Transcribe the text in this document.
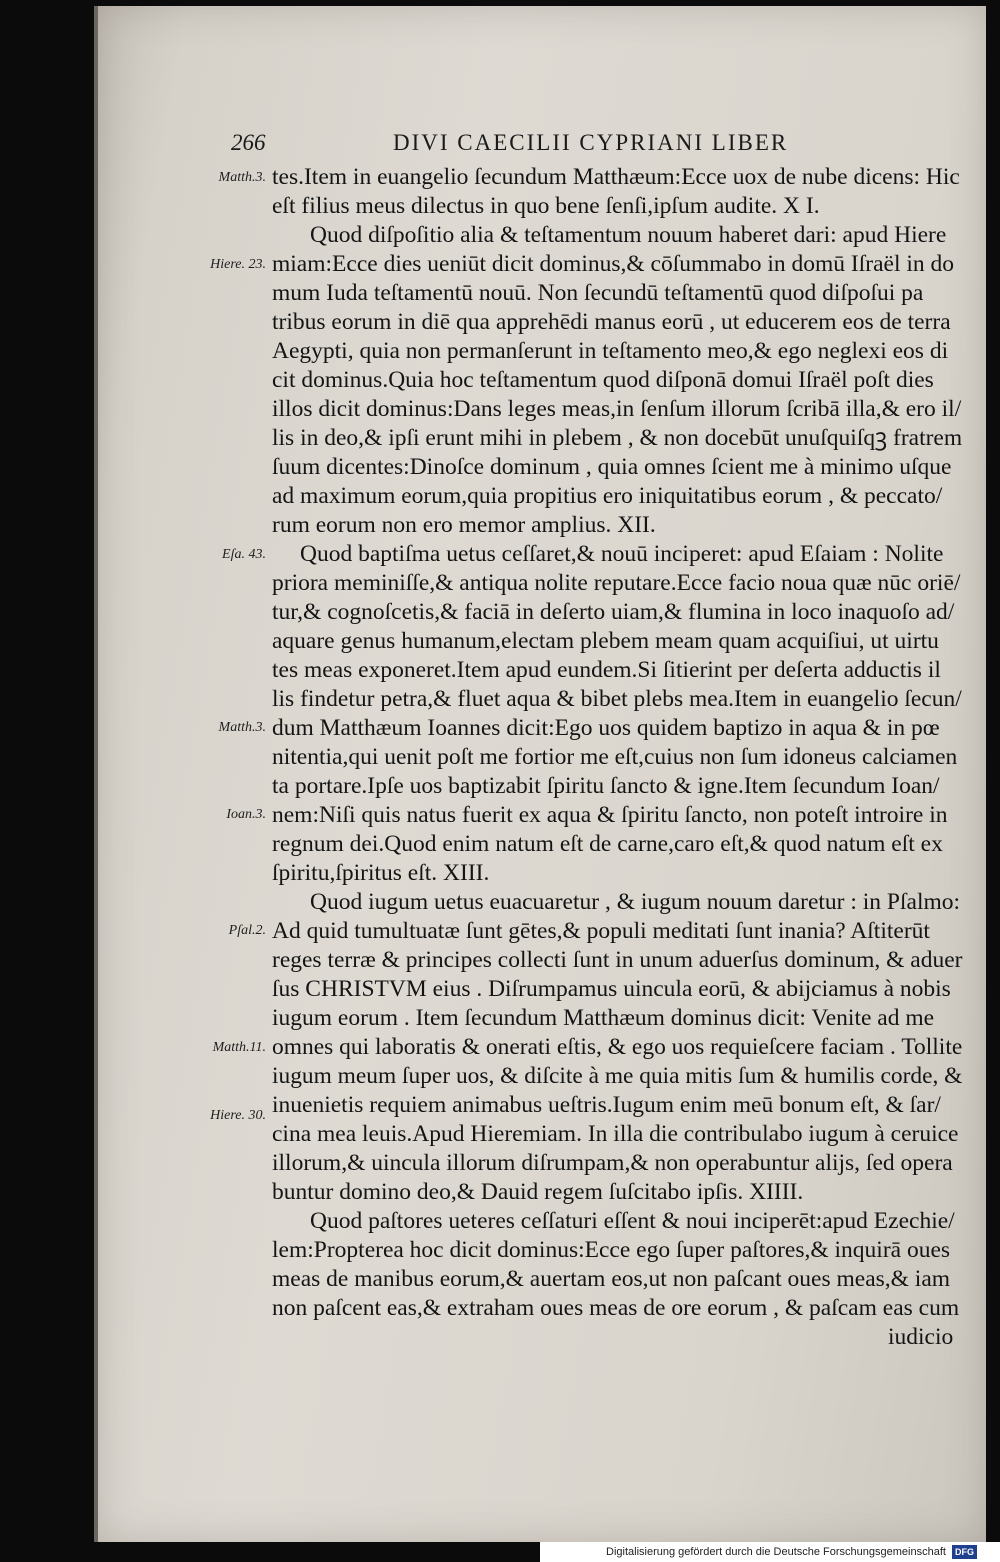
266	DIVI CAECILII CYPRIANI LIBER

tes.Item in euangelio ſecundum Matthæum:Ecce uox de nube dicens: Hic

eſt filius meus dilectus in quo bene ſenſi,ipſum audite. X I.

Quod diſpoſitio alia & teſtamentum nouum haberet dari: apud Hiere

miam:Ecce dies ueniūt dicit dominus,& cōſummabo in domū Iſraël in do

mum Iuda teſtamentū nouū. Non ſecundū teſtamentū quod diſpoſui pa

tribus eorum in diē qua apprehēdi manus eorū , ut educerem eos de terra

Aegypti, quia non permanſerunt in teſtamento meo,& ego neglexi eos di

cit dominus.Quia hoc teſtamentum quod diſponā domui Iſraël poſt dies

illos dicit dominus:Dans leges meas,in ſenſum illorum ſcribā illa,& ero il/

lis in deo,& ipſi erunt mihi in plebem , & non docebūt unuſquiſqꝫ fratrem

ſuum dicentes:Dinoſce dominum , quia omnes ſcient me à minimo uſque

ad maximum eorum,quia propitius ero iniquitatibus eorum , & peccato/

rum eorum non ero memor amplius. XII.

Quod baptiſma uetus ceſſaret,& nouū inciperet: apud Eſaiam : Nolite

priora meminiſſe,& antiqua nolite reputare.Ecce facio noua quæ nūc oriē/

tur,& cognoſcetis,& faciā in deſerto uiam,& flumina in loco inaquoſo ad/

aquare genus humanum,electam plebem meam quam acquiſiui, ut uirtu

tes meas exponeret.Item apud eundem.Si ſitierint per deſerta adductis il

lis findetur petra,& fluet aqua & bibet plebs mea.Item in euangelio ſecun/

dum Matthæum Ioannes dicit:Ego uos quidem baptizo in aqua & in pœ

nitentia,qui uenit poſt me fortior me eſt,cuius non ſum idoneus calciamen

ta portare.Ipſe uos baptizabit ſpiritu ſancto & igne.Item ſecundum Ioan/

nem:Niſi quis natus fuerit ex aqua & ſpiritu ſancto, non poteſt introire in

regnum dei.Quod enim natum eſt de carne,caro eſt,& quod natum eſt ex

ſpiritu,ſpiritus eſt. XIII.

Quod iugum uetus euacuaretur , & iugum nouum daretur : in Pſalmo:

Ad quid tumultuatæ ſunt gētes,& populi meditati ſunt inania? Aſtiterūt

reges terræ & principes collecti ſunt in unum aduerſus dominum, & aduer

ſus CHRISTVM eius . Diſrumpamus uincula eorū, & abijciamus à nobis

iugum eorum . Item ſecundum Matthæum dominus dicit: Venite ad me

omnes qui laboratis & onerati eſtis, & ego uos requieſcere faciam . Tollite

iugum meum ſuper uos, & diſcite à me quia mitis ſum & humilis corde, &

inuenietis requiem animabus ueſtris.Iugum enim meū bonum eſt, & ſar/

cina mea leuis.Apud Hieremiam. In illa die contribulabo iugum à ceruice

illorum,& uincula illorum diſrumpam,& non operabuntur alijs, ſed opera

buntur domino deo,& Dauid regem ſuſcitabo ipſis. XIIII.

Quod paſtores ueteres ceſſaturi eſſent & noui inciperēt:apud Ezechie/

lem:Propterea hoc dicit dominus:Ecce ego ſuper paſtores,& inquirā oues

meas de manibus eorum,& auertam eos,ut non paſcant oues meas,& iam

non paſcent eas,& extraham oues meas de ore eorum , & paſcam eas cum

iudicio

Matth.3.
Hiere. 23.
Eſa. 43.
Matth.3.
Ioan.3.
Pſal.2.
Matth.11.
Hiere. 30.
Digitalisierung gefördert durch die Deutsche Forschungsgemeinschaft DFG
